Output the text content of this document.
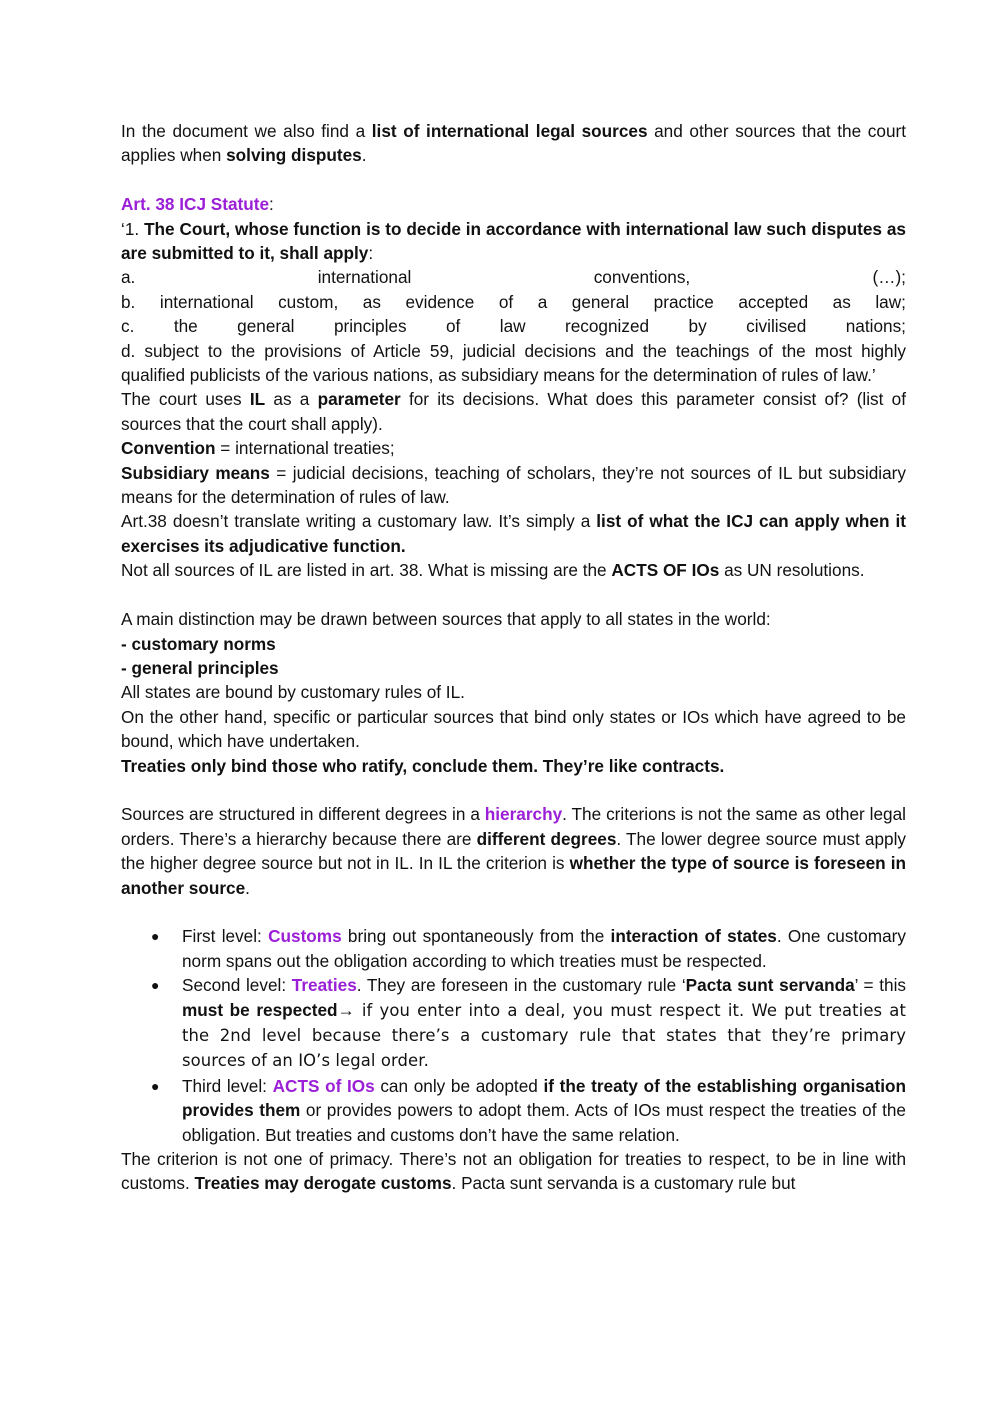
In the document we also find a list of international legal sources and other sources that the court applies when solving disputes.

Art. 38 ICJ Statute:

‘1. The Court, whose function is to decide in accordance with international law such disputes as are submitted to it, shall apply:

a.	international	conventions,	(…);
b. international custom, as evidence of a general practice accepted as law;
c. the general principles of law recognized by civilised nations;

d. subject to the provisions of Article 59, judicial decisions and the teachings of the most highly qualified publicists of the various nations, as subsidiary means for the determination of rules of law.’

The court uses IL as a parameter for its decisions. What does this parameter consist of? (list of sources that the court shall apply).

Convention = international treaties;

Subsidiary means = judicial decisions, teaching of scholars, they’re not sources of IL but subsidiary means for the determination of rules of law.

Art.38 doesn’t translate writing a customary law. It’s simply a list of what the ICJ can apply when it exercises its adjudicative function.

Not all sources of IL are listed in art. 38. What is missing are the ACTS OF IOs as UN resolutions.

A main distinction may be drawn between sources that apply to all states in the world:

- customary norms

- general principles

All states are bound by customary rules of IL.

On the other hand, specific or particular sources that bind only states or IOs which have agreed to be bound, which have undertaken.

Treaties only bind those who ratify, conclude them. They’re like contracts.

Sources are structured in different degrees in a hierarchy. The criterions is not the same as other legal orders. There’s a hierarchy because there are different degrees. The lower degree source must apply the higher degree source but not in IL. In IL the criterion is whether the type of source is foreseen in another source.

● First level: Customs bring out spontaneously from the interaction of states. One customary norm spans out the obligation according to which treaties must be respected.
● Second level: Treaties. They are foreseen in the customary rule ‘Pacta sunt servanda’ = this must be respected→ if you enter into a deal, you must respect it. We put treaties at the 2nd level because there’s a customary rule that states that they’re primary sources of an IO’s legal order.
● Third level: ACTS of IOs can only be adopted if the treaty of the establishing organisation provides them or provides powers to adopt them. Acts of IOs must respect the treaties of the obligation. But treaties and customs don’t have the same relation.

The criterion is not one of primacy. There’s not an obligation for treaties to respect, to be in line with customs. Treaties may derogate customs. Pacta sunt servanda is a customary rule but
